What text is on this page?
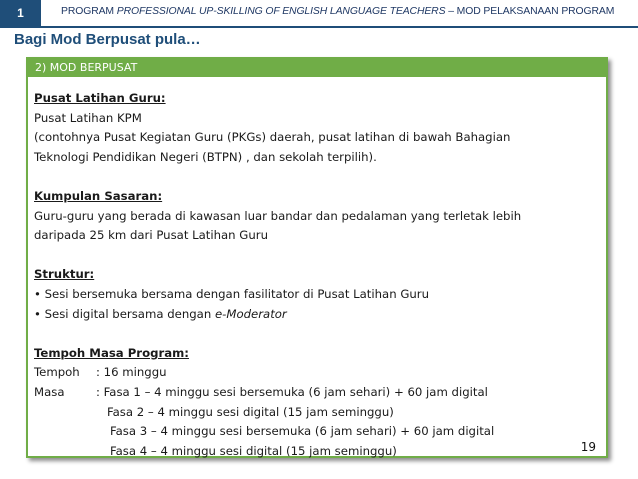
1	PROGRAM PROFESSIONAL UP-SKILLING OF ENGLISH LANGUAGE TEACHERS – MOD PELAKSANAAN PROGRAM
Bagi Mod Berpusat pula…
2) MOD BERPUSAT
Pusat Latihan Guru:
Pusat Latihan KPM
(contohnya Pusat Kegiatan Guru (PKGs) daerah, pusat latihan di bawah Bahagian
Teknologi Pendidikan Negeri (BTPN) , dan sekolah terpilih).
Kumpulan Sasaran:
Guru-guru yang berada di kawasan luar bandar dan pedalaman yang terletak lebih
daripada 25 km dari Pusat Latihan Guru
Struktur:
• Sesi bersemuka bersama dengan fasilitator di Pusat Latihan Guru
• Sesi digital bersama dengan e-Moderator
Tempoh Masa Program:
Tempoh : 16 minggu
Masa	: Fasa 1 – 4 minggu sesi bersemuka (6 jam sehari) + 60 jam digital
Fasa 2 – 4 minggu sesi digital (15 jam seminggu)
Fasa 3 – 4 minggu sesi bersemuka (6 jam sehari) + 60 jam digital
Fasa 4 – 4 minggu sesi digital (15 jam seminggu)	19
